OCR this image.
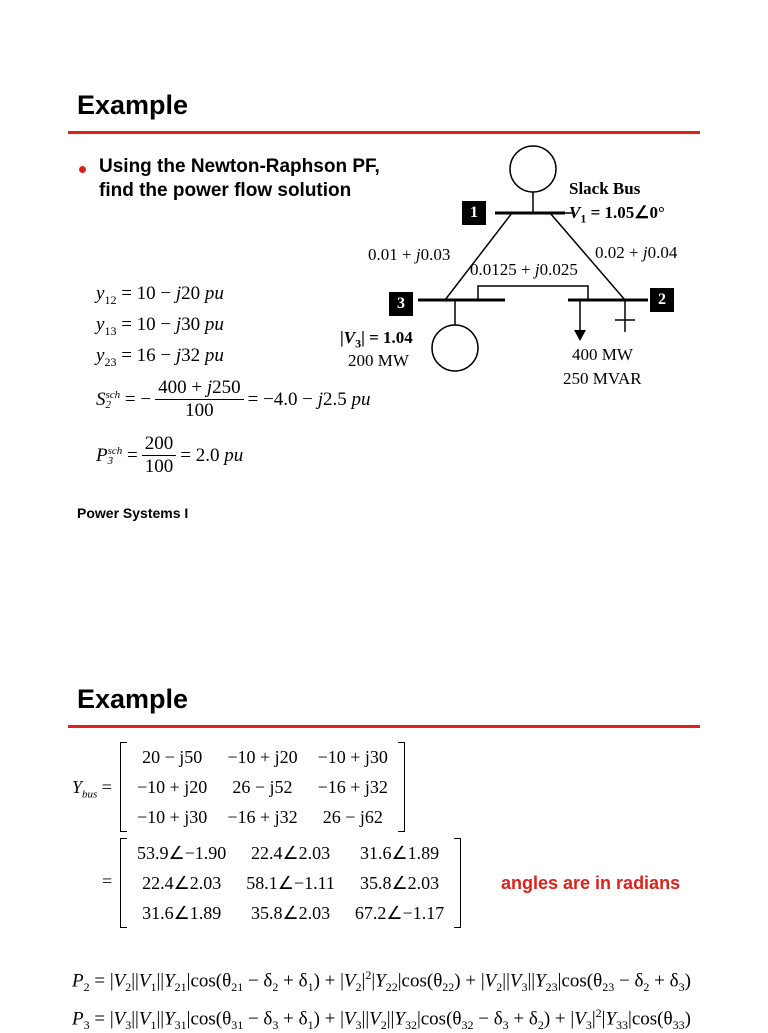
Example
Using the Newton-Raphson PF,
find the power flow solution
$y_{12} = 10 - j20$ pu
$y_{13} = 10 - j30$ pu
$y_{23} = 16 - j32$ pu
Ssch
2 = − $\frac{400 + j250}{100} = -4.0 - j2.5$ pu
Psch
$3 = \frac{200}{100} = 2.0$ pu
Power Systems I
1
3	2
Slack Bus
$V_1$ = 1.05∠0°
0.01 + j0.03	0.02 + j0.04
0.0125 + j0.025
$|V_3| = 1.04$
200 MW	400 MW
250 MVAR
Example
$Y_{bus}$ =
20 − j50	−10 + j20	−10 + j30
−10 + j20	26 − j52	−16 + j32
−10 + j30	−16 + j32	26 − j62
=
53.9∠−1.90	22.4∠2.03	31.6∠1.89
22.4∠2.03	58.1∠−1.11	35.8∠2.03
31.6∠1.89	35.8∠2.03	67.2∠−1.17
angles are in radians
$P_2 = |V_2||V_1||Y_{21}|\cos(\theta_{21} - \delta_2 + \delta_1) + |V_2|^2|Y_{22}|\cos(\theta_{22}) + |V_2||V_3||Y_{23}|\cos(\theta_{23} - \delta_2 + \delta_3)$
$P_3 = |V_3||V_1||Y_{31}|\cos(\theta_{31} - \delta_3 + \delta_1) + |V_3||V_2||Y_{32}|\cos(\theta_{32} - \delta_3 + \delta_2) + |V_3|^2|Y_{33}|\cos(\theta_{33})$
